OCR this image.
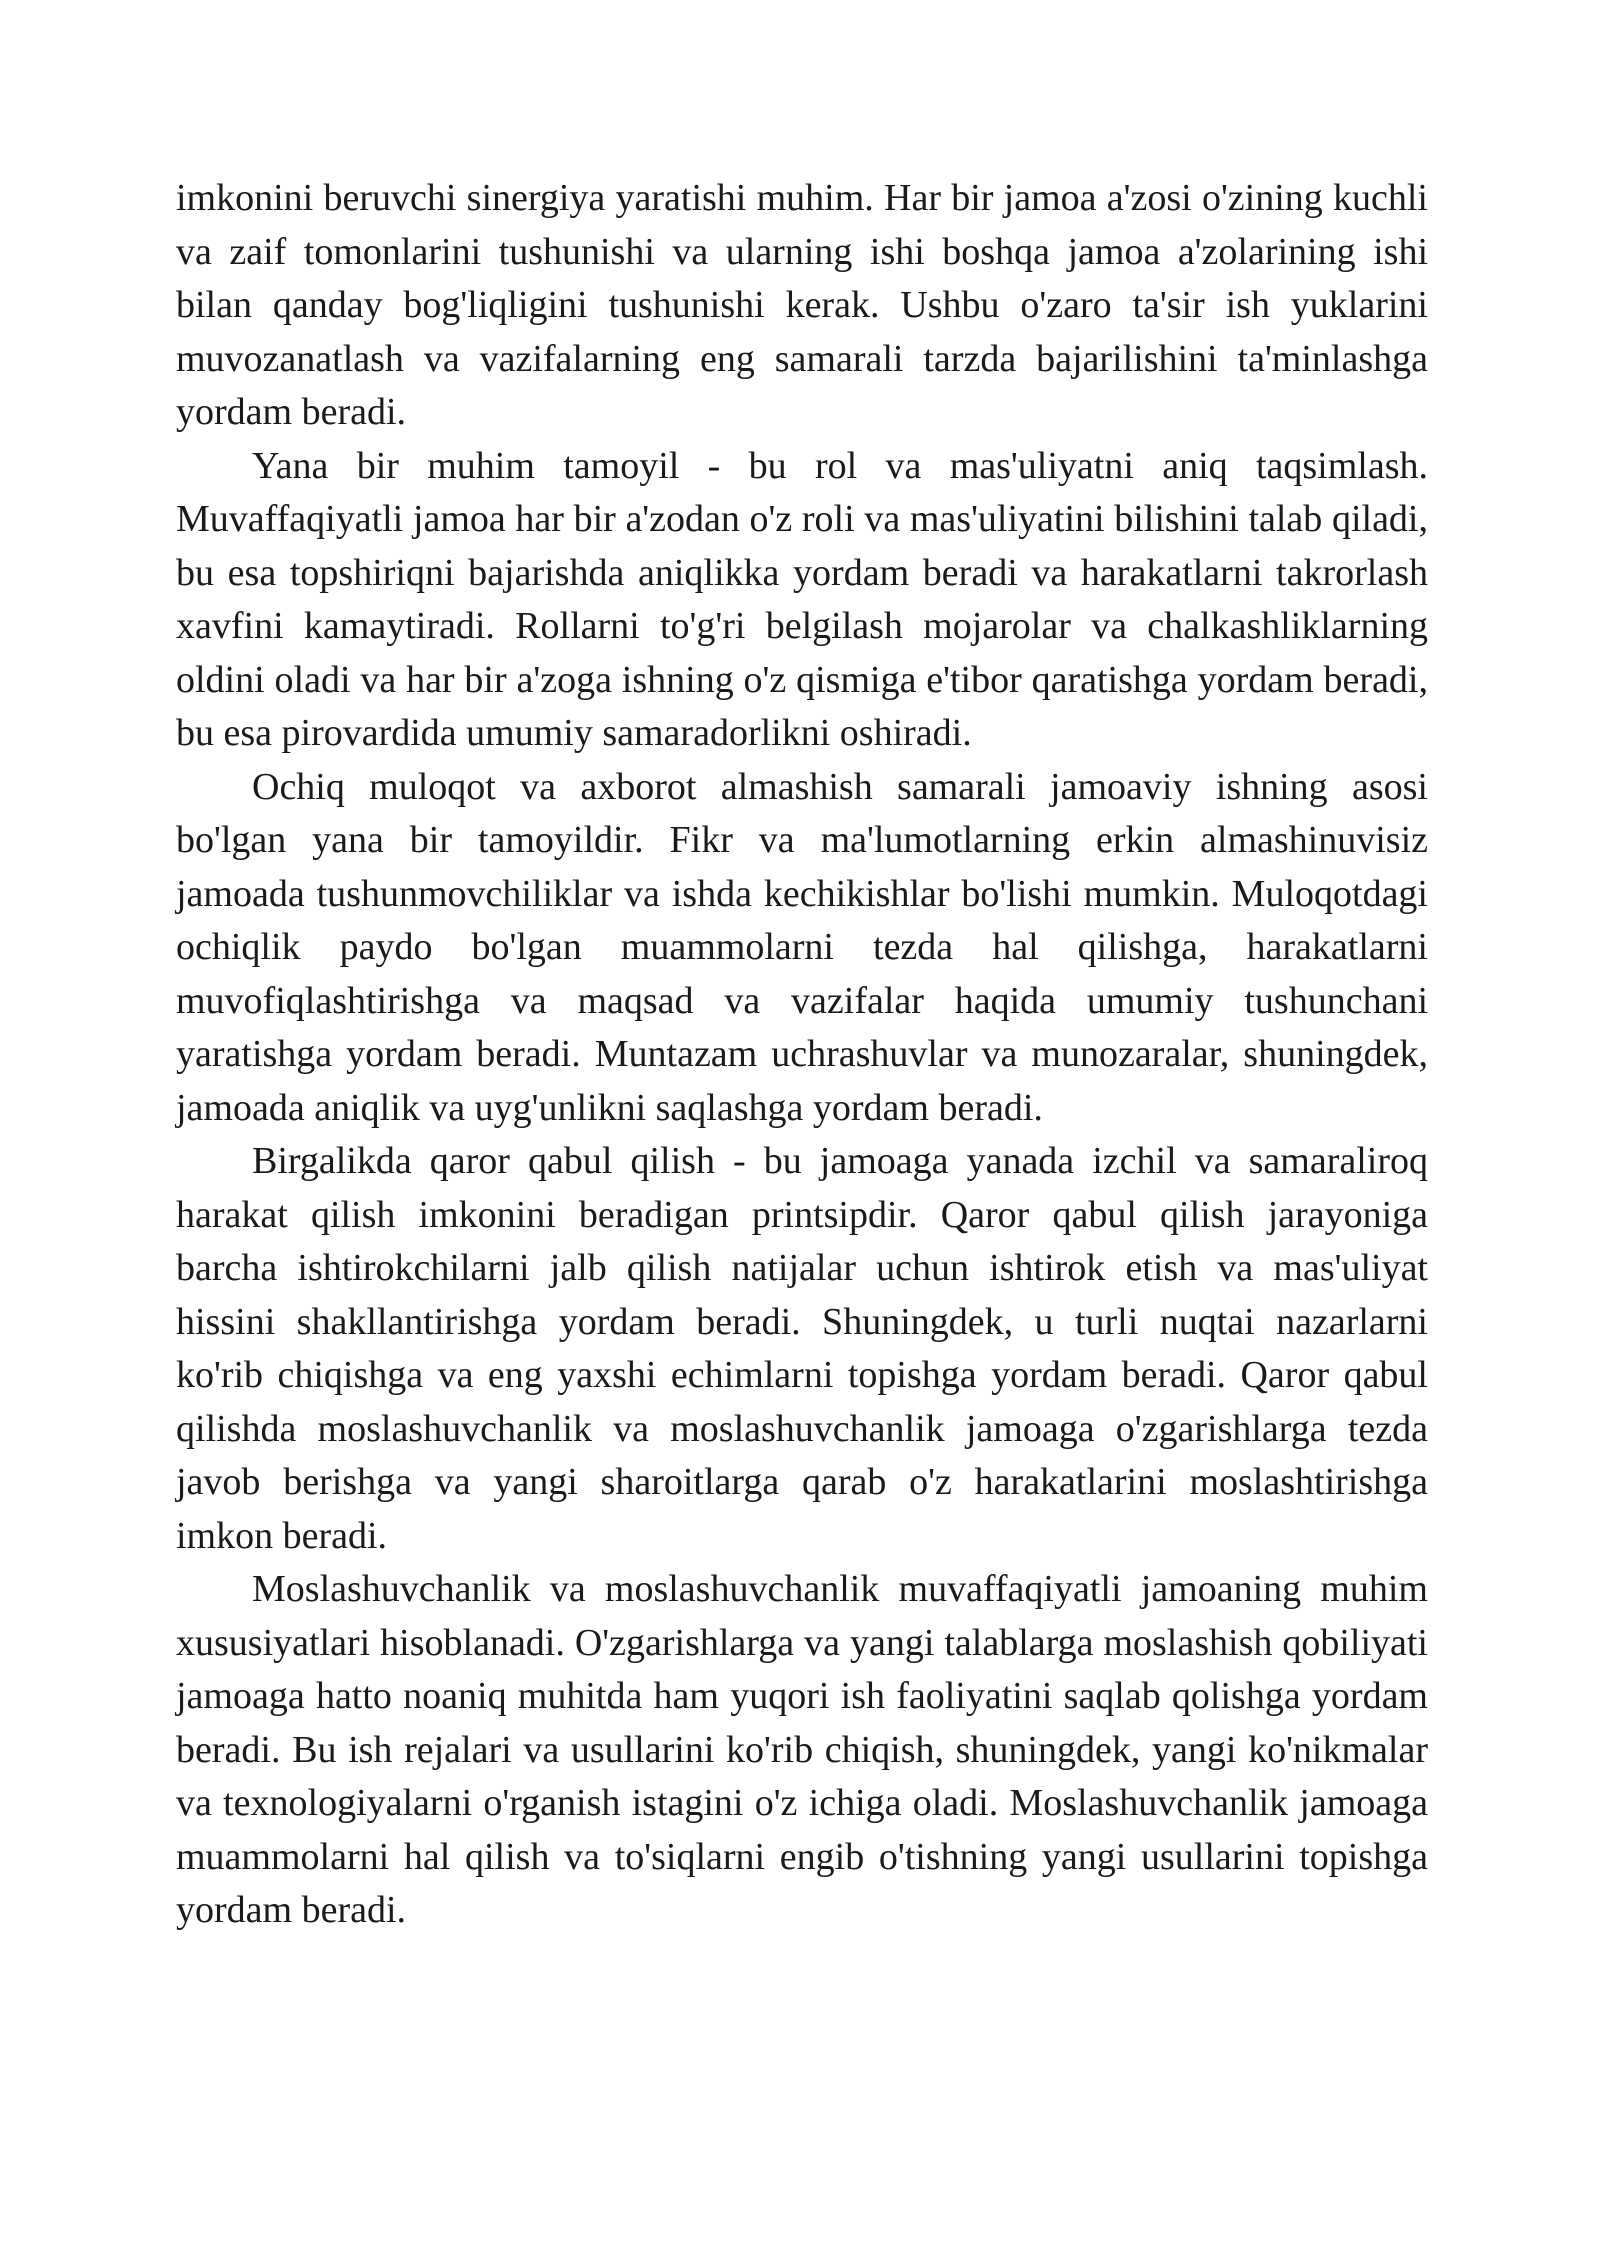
imkonini beruvchi sinergiya yaratishi muhim. Har bir jamoa a'zosi o'zining kuchli va zaif tomonlarini tushunishi va ularning ishi boshqa jamoa a'zolarining ishi bilan qanday bog'liqligini tushunishi kerak. Ushbu o'zaro ta'sir ish yuklarini muvozanatlash va vazifalarning eng samarali tarzda bajarilishini ta'minlashga yordam beradi.

Yana bir muhim tamoyil - bu rol va mas'uliyatni aniq taqsimlash. Muvaffaqiyatli jamoa har bir a'zodan o'z roli va mas'uliyatini bilishini talab qiladi, bu esa topshiriqni bajarishda aniqlikka yordam beradi va harakatlarni takrorlash xavfini kamaytiradi. Rollarni to'g'ri belgilash mojarolar va chalkashliklarning oldini oladi va har bir a'zoga ishning o'z qismiga e'tibor qaratishga yordam beradi, bu esa pirovardida umumiy samaradorlikni oshiradi.

Ochiq muloqot va axborot almashish samarali jamoaviy ishning asosi bo'lgan yana bir tamoyildir. Fikr va ma'lumotlarning erkin almashinuvisiz jamoada tushunmovchiliklar va ishda kechikishlar bo'lishi mumkin. Muloqotdagi ochiqlik paydo bo'lgan muammolarni tezda hal qilishga, harakatlarni muvofiqlashtirishga va maqsad va vazifalar haqida umumiy tushunchani yaratishga yordam beradi. Muntazam uchrashuvlar va munozaralar, shuningdek, jamoada aniqlik va uyg'unlikni saqlashga yordam beradi.

Birgalikda qaror qabul qilish - bu jamoaga yanada izchil va samaraliroq harakat qilish imkonini beradigan printsipdir. Qaror qabul qilish jarayoniga barcha ishtirokchilarni jalb qilish natijalar uchun ishtirok etish va mas'uliyat hissini shakllantirishga yordam beradi. Shuningdek, u turli nuqtai nazarlarni ko'rib chiqishga va eng yaxshi echimlarni topishga yordam beradi. Qaror qabul qilishda moslashuvchanlik va moslashuvchanlik jamoaga o'zgarishlarga tezda javob berishga va yangi sharoitlarga qarab o'z harakatlarini moslashtirishga imkon beradi.

Moslashuvchanlik va moslashuvchanlik muvaffaqiyatli jamoaning muhim xususiyatlari hisoblanadi. O'zgarishlarga va yangi talablarga moslashish qobiliyati jamoaga hatto noaniq muhitda ham yuqori ish faoliyatini saqlab qolishga yordam beradi. Bu ish rejalari va usullarini ko'rib chiqish, shuningdek, yangi ko'nikmalar va texnologiyalarni o'rganish istagini o'z ichiga oladi. Moslashuvchanlik jamoaga muammolarni hal qilish va to'siqlarni engib o'tishning yangi usullarini topishga yordam beradi.
